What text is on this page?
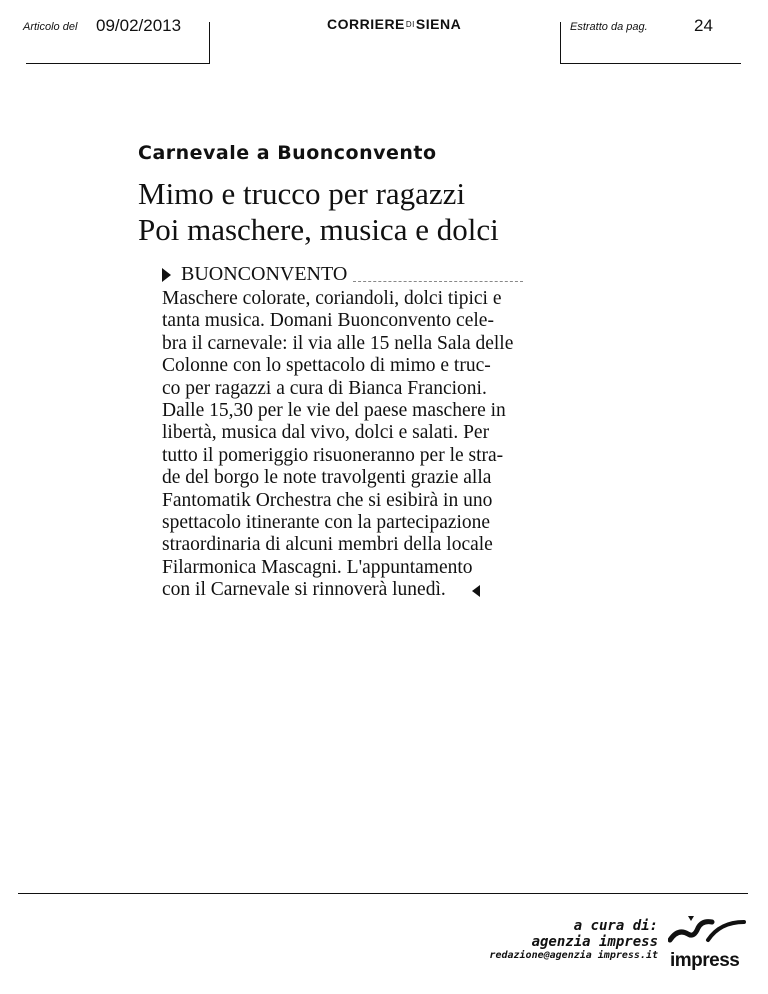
Articolo del 09/02/2013	CORRIERE DI SIENA	Estratto da pag.	24
Carnevale a Buonconvento
Mimo e trucco per ragazzi
Poi maschere, musica e dolci
BUONCONVENTO
Maschere colorate, coriandoli, dolci tipici e
tanta musica. Domani Buonconvento cele-
bra il carnevale: il via alle 15 nella Sala delle
Colonne con lo spettacolo di mimo e truc-
co per ragazzi a cura di Bianca Francioni.
Dalle 15,30 per le vie del paese maschere in
libertà, musica dal vivo, dolci e salati. Per
tutto il pomeriggio risuoneranno per le stra-
de del borgo le note travolgenti grazie alla
Fantomatik Orchestra che si esibirà in uno
spettacolo itinerante con la partecipazione
straordinaria di alcuni membri della locale
Filarmonica Mascagni. L'appuntamento
con il Carnevale si rinnoverà lunedì.
a cura di:
agenzia impress
redazione@agenzia impress.it impress
